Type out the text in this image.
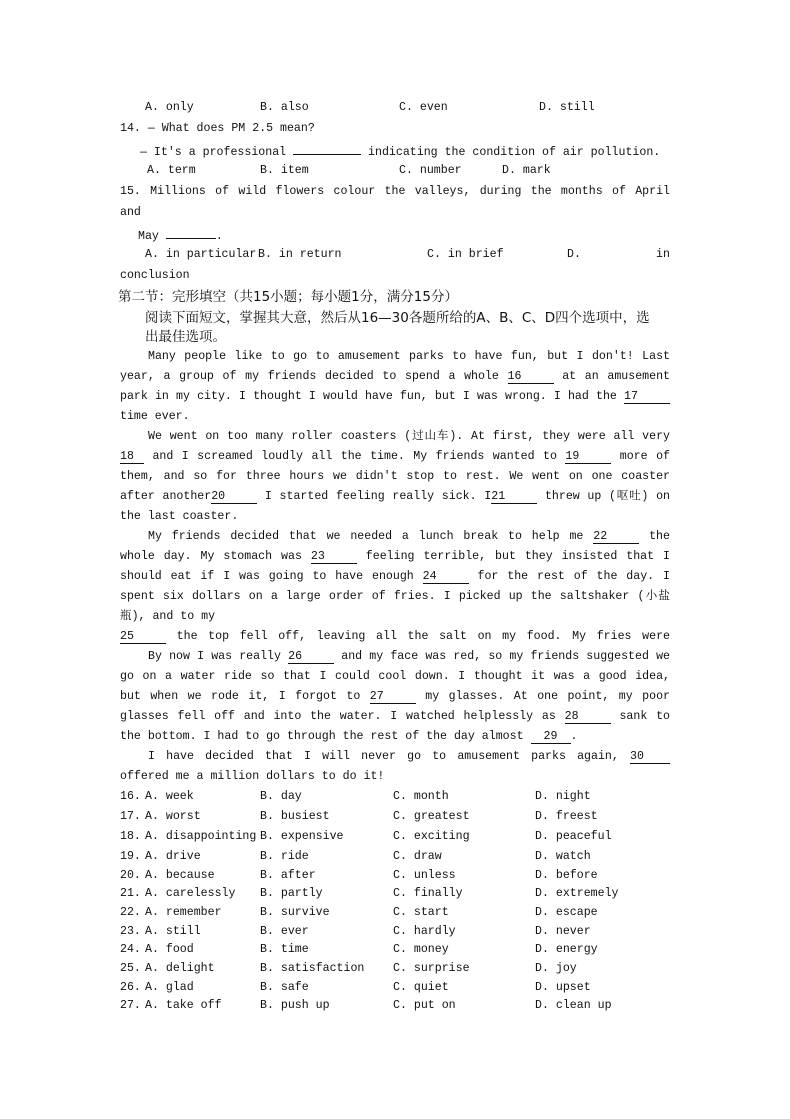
A. only	B. also	C. even	D. still
14. — What does PM 2.5 mean?
— It's a professional	indicating the condition of air pollution.
A. term	B. item	C. number	D. mark
15. Millions of wild flowers colour the valleys, during the months of April
and
May	.
A. in particular B. in return	C. in brief	D.	in
conclusion
第二节：完形填空（共15小题；每小题1分，满分15分）
阅读下面短文，掌握其大意，然后从16—30各题所给的A、B、C、D四个选项中，选
出最佳选项。
Many people like to go to amusement parks to have fun, but I don't! Last
year, a group of my friends decided to spend a whole 16	at an amusement
park in my city. I thought I would have fun, but I was wrong. I had the 17
time ever.
We went on too many roller coasters (过山车). At first, they were all very
18 and I screamed loudly all the time. My friends wanted to 19	more of
them, and so for three hours we didn't stop to rest. We went on one coaster
after another20	I started feeling really sick. I21	threw up (呕吐) on
the last coaster.
My friends decided that we needed a lunch break to help me 22	the
whole day. My stomach was 23	feeling terrible, but they insisted that I
should eat if I was going to have enough 24	for the rest of the day. I
spent six dollars on a large order of fries. I picked up the saltshaker (小盐
瓶), and to my
25	the top fell off, leaving all the salt on my food. My fries were
By now I was really 26	and my face was red, so my friends suggested we
go on a water ride so that I could cool down. I thought it was a good idea,
but when we rode it, I forgot to 27	my glasses. At one point, my poor
glasses fell off and into the water. I watched helplessly as 28	sank to
the bottom. I had to go through the rest of the day almost 29 .
I have decided that I will never go to amusement parks again, 30
offered me a million dollars to do it!
16. A. week	B. day	C. month	D. night
17. A. worst	B. busiest	C. greatest	D. freest
18. A. disappointing B. expensive	C. exciting	D. peaceful
19. A. drive	B. ride	C. draw	D. watch
20. A. because	B. after	C. unless	D. before
21. A. carelessly B. partly	C. finally	D. extremely
22. A. remember	B. survive	C. start	D. escape
23. A. still	B. ever	C. hardly	D. never
24. A. food	B. time	C. money	D. energy
25. A. delight	B. satisfaction C. surprise	D. joy
26. A. glad	B. safe	C. quiet	D. upset
27. A. take off	B. push up	C. put on	D. clean up
